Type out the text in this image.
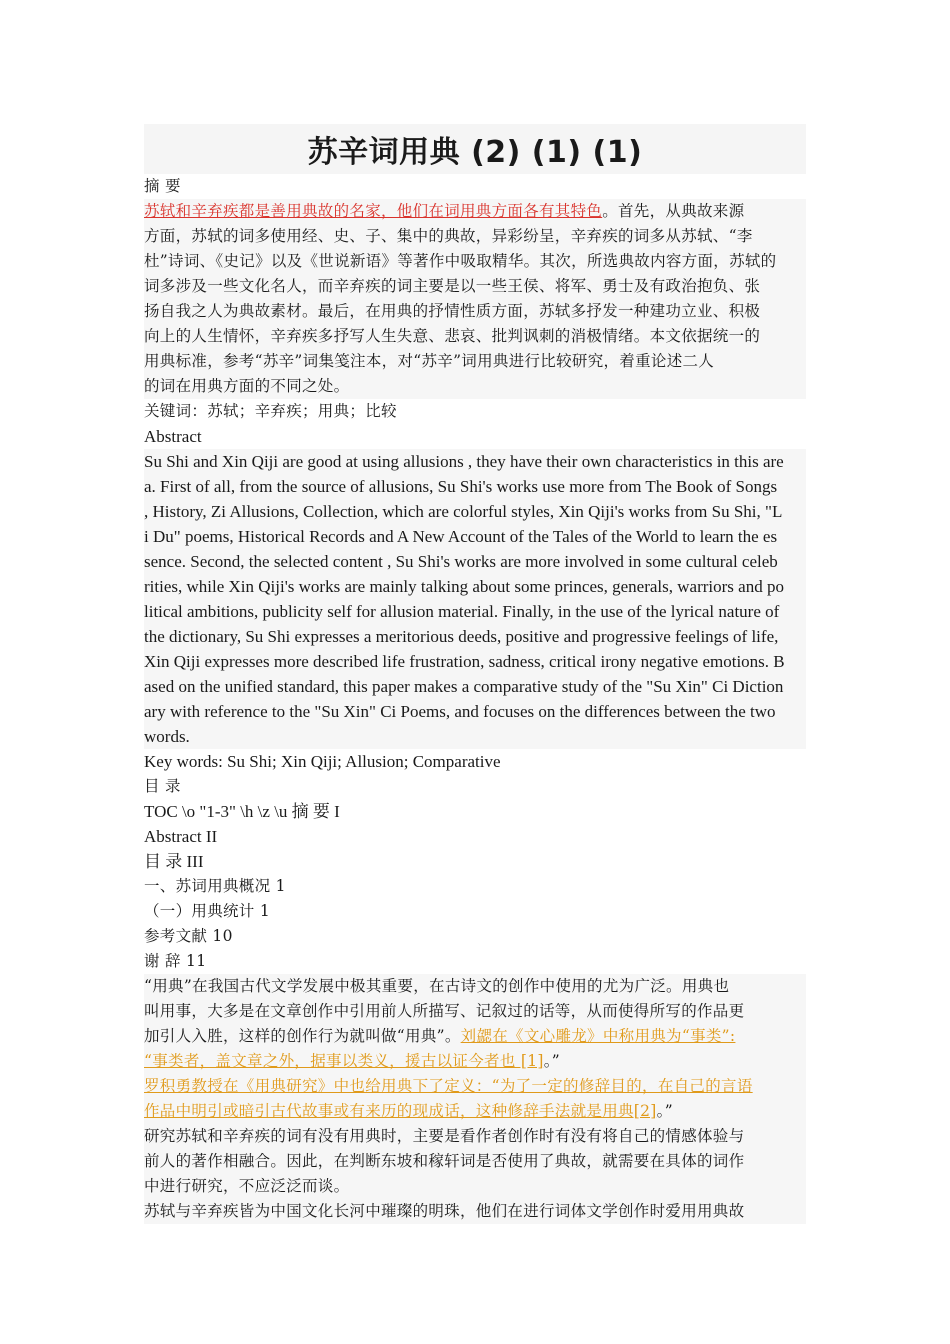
苏辛词用典 (2) (1) (1)
摘 要
苏轼和辛弃疾都是善用典故的名家，他们在词用典方面各有其特色。首先，从典故来源
方面，苏轼的词多使用经、史、子、集中的典故，异彩纷呈，辛弃疾的词多从苏轼、“李
杜”诗词、《史记》以及《世说新语》等著作中吸取精华。其次，所选典故内容方面，苏轼的
词多涉及一些文化名人，而辛弃疾的词主要是以一些王侯、将军、勇士及有政治抱负、张
扬自我之人为典故素材。最后，在用典的抒情性质方面，苏轼多抒发一种建功立业、积极
向上的人生情怀，辛弃疾多抒写人生失意、悲哀、批判讽刺的消极情绪。本文依据统一的
用典标准，参考“苏辛”词集笺注本，对“苏辛”词用典进行比较研究，着重论述二人
的词在用典方面的不同之处。
关键词：苏轼；辛弃疾；用典；比较
Abstract
Su Shi and Xin Qiji are good at using allusions , they have their own characteristics in this are
a. First of all, from the source of allusions, Su Shi's works use more from The Book of Songs
, History, Zi Allusions, Collection, which are colorful styles, Xin Qiji's works from Su Shi, "L
i Du" poems, Historical Records and A New Account of the Tales of the World to learn the es
sence. Second, the selected content , Su Shi's works are more involved in some cultural celeb
rities, while Xin Qiji's works are mainly talking about some princes, generals, warriors and po
litical ambitions, publicity self for allusion material. Finally, in the use of the lyrical nature of
the dictionary, Su Shi expresses a meritorious deeds, positive and progressive feelings of life,
Xin Qiji expresses more described life frustration, sadness, critical irony negative emotions. B
ased on the unified standard, this paper makes a comparative study of the "Su Xin" Ci Diction
ary with reference to the "Su Xin" Ci Poems, and focuses on the differences between the two
words.
Key words: Su Shi; Xin Qiji; Allusion; Comparative
目 录
TOC \o "1-3" \h \z \u 摘 要 I
Abstract II
目 录 III
一、苏词用典概况 1
（一）用典统计 1
参考文献 10
谢 辞 11
“用典”在我国古代文学发展中极其重要，在古诗文的创作中使用的尤为广泛。用典也
叫用事，大多是在文章创作中引用前人所描写、记叙过的话等，从而使得所写的作品更
加引人入胜，这样的创作行为就叫做“用典”。刘勰在《文心雕龙》中称用典为“事类”:
“事类者，盖文章之外，据事以类义，援古以证今者也 [1]。”
罗积勇教授在《用典研究》中也给用典下了定义：“为了一定的修辞目的，在自己的言语
作品中明引或暗引古代故事或有来历的现成话，这种修辞手法就是用典[2]。”
研究苏轼和辛弃疾的词有没有用典时，主要是看作者创作时有没有将自己的情感体验与
前人的著作相融合。因此，在判断东坡和稼轩词是否使用了典故，就需要在具体的词作
中进行研究，不应泛泛而谈。
苏轼与辛弃疾皆为中国文化长河中璀璨的明珠，他们在进行词体文学创作时爱用用典故
